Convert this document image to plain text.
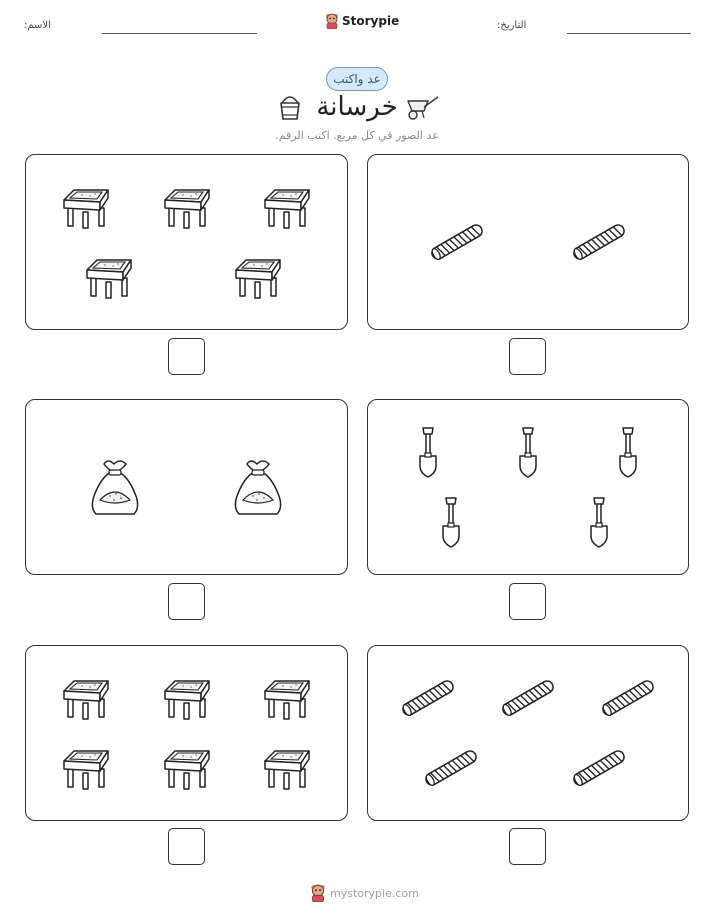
الاسم:	Storypie	التاريخ:
عد واكتب
خرسانة
عد الصور في كل مربع. اكتب الرقم.
mystorypie.com
